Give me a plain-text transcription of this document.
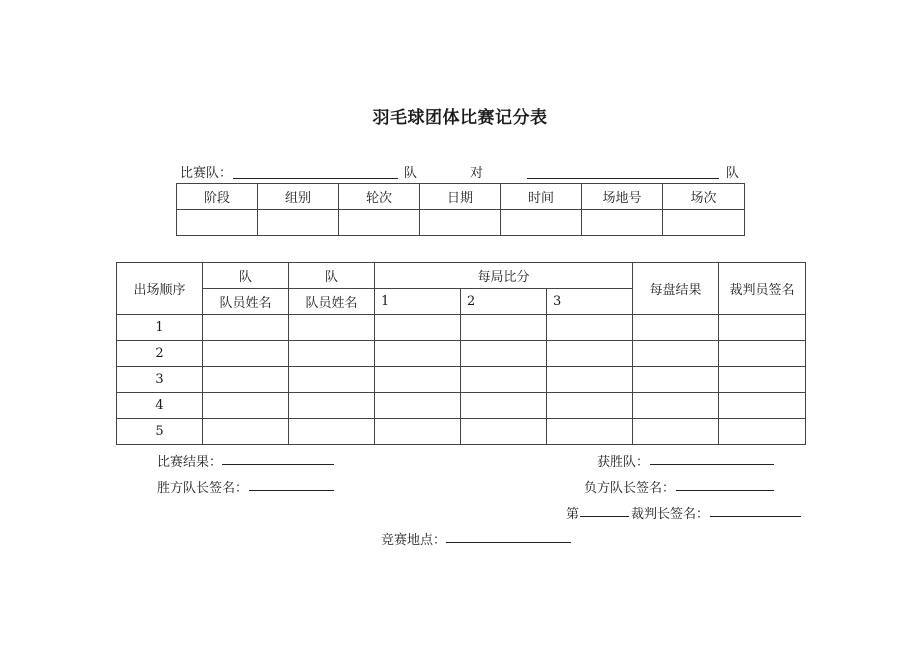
羽毛球团体比赛记分表
比赛队：	队	对	队
阶段	组别	轮次	日期	时间	场地号	场次

出场顺序	队	队	每局比分			每盘结果	裁判员签名
	队员姓名	队员姓名	1	2	3		
1							
2							
3							
4							
5							
比赛结果：	获胜队：
胜方队长签名：	负方队长签名：
第	裁判长签名：
竞赛地点：
